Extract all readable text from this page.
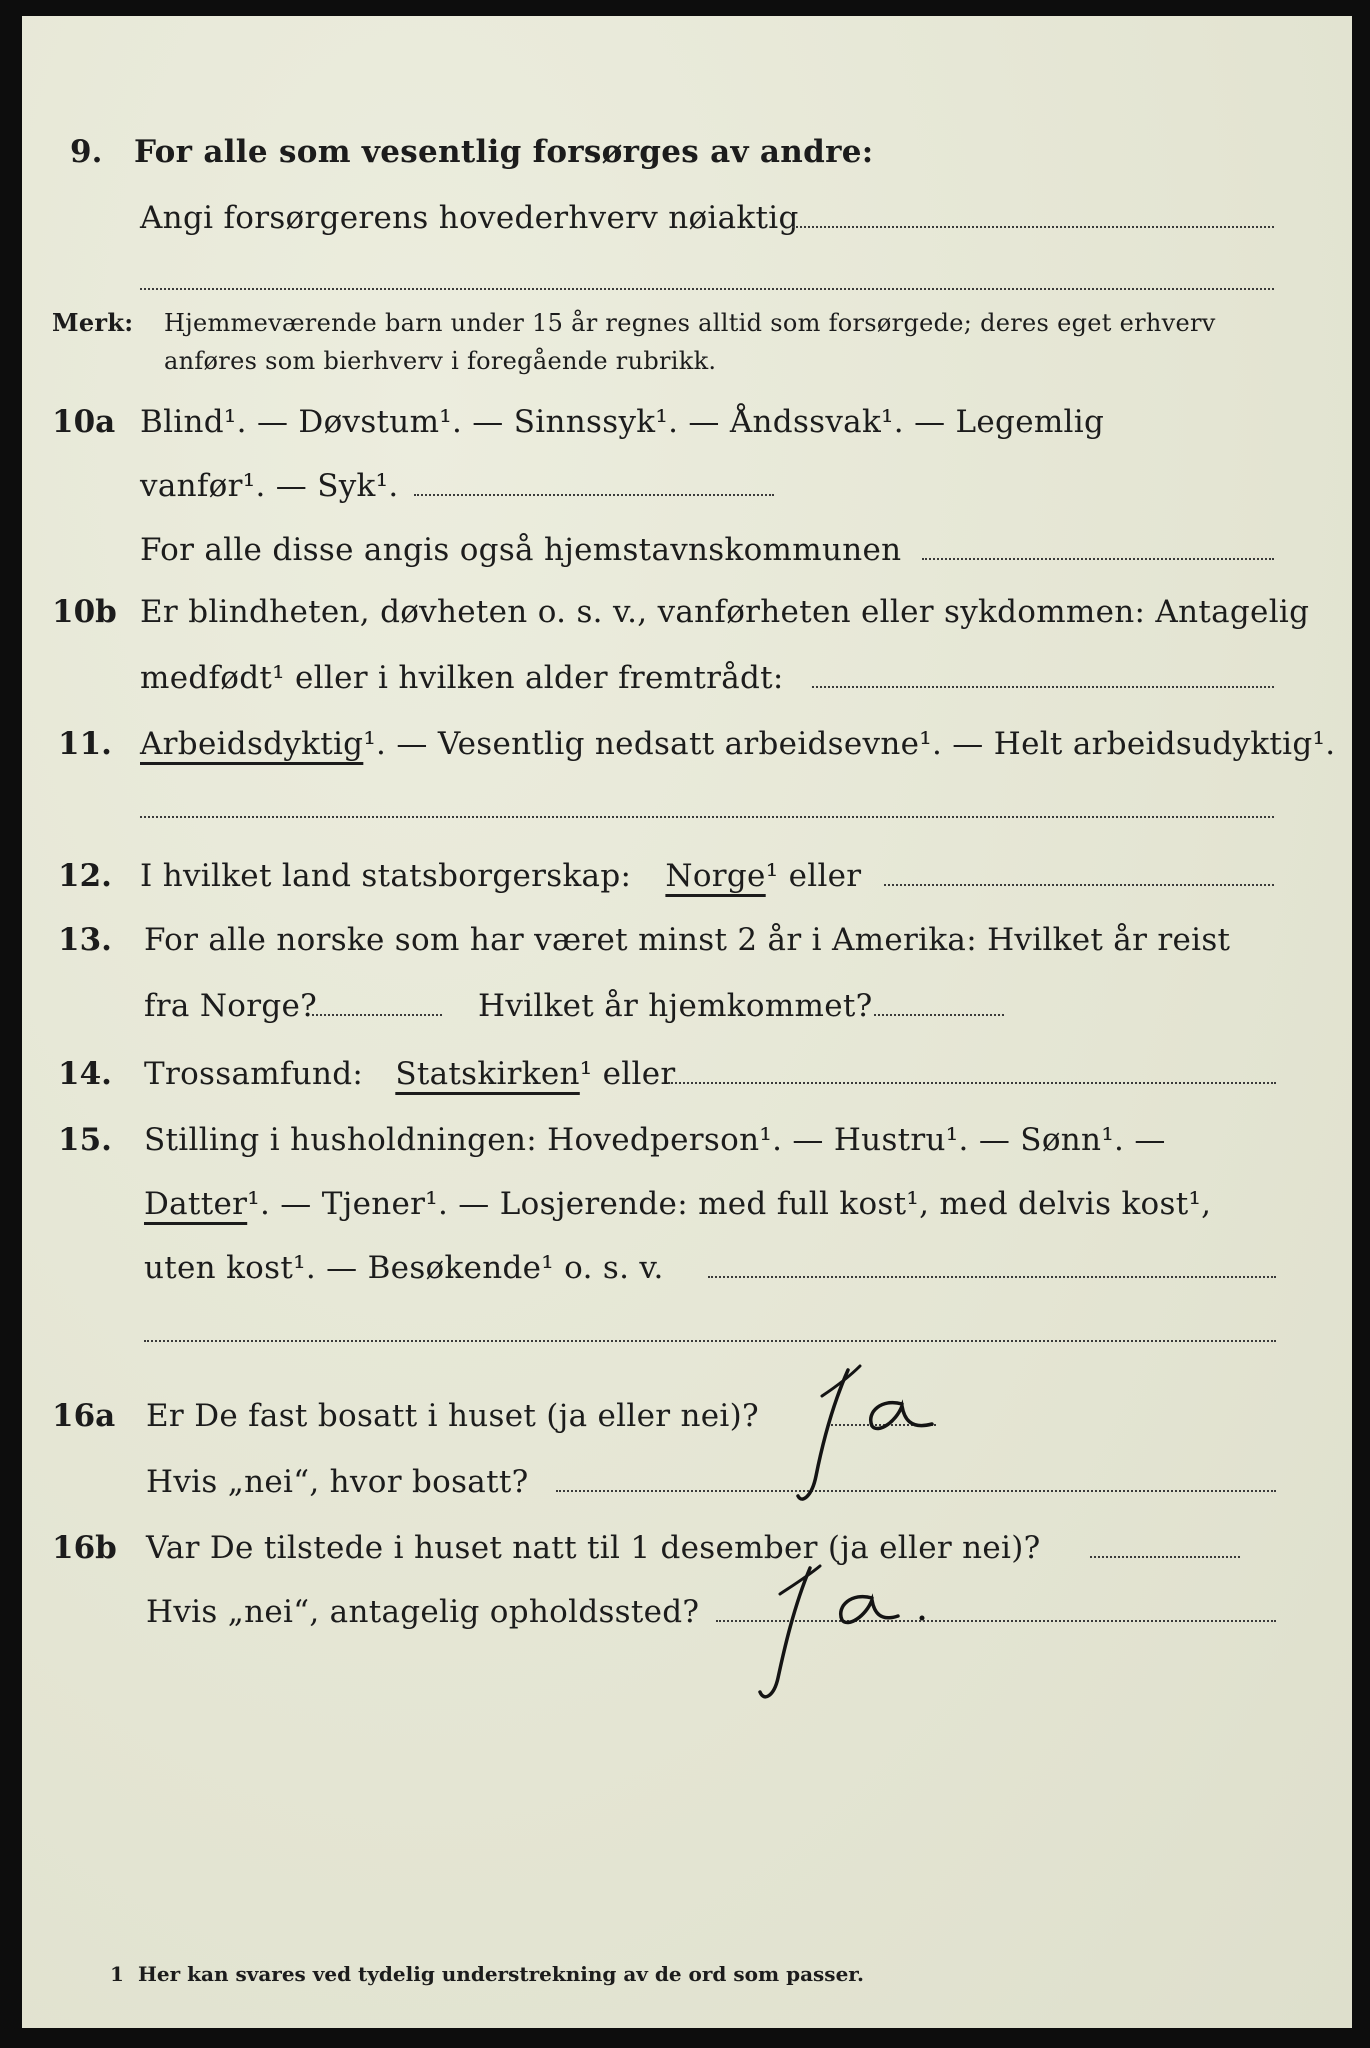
9. For alle som vesentlig forsørges av andre:
Angi forsørgerens hovederhverv nøiaktig
Merk: Hjemmeværende barn under 15 år regnes alltid som forsørgede; deres eget erhverv
anføres som bierhverv i foregående rubrikk.
10a Blind¹. — Døvstum¹. — Sinnssyk¹. — Åndssvak¹. — Legemlig
vanfør¹. — Syk¹.
For alle disse angis også hjemstavnskommunen
10b Er blindheten, døvheten o. s. v., vanførheten eller sykdommen: Antagelig
medfødt¹ eller i hvilken alder fremtrådt:
11. Arbeidsdyktig¹. — Vesentlig nedsatt arbeidsevne¹. — Helt arbeidsudyktig¹.
12. I hvilket land statsborgerskap: Norge¹ eller
13. For alle norske som har været minst 2 år i Amerika: Hvilket år reist
fra Norge?	Hvilket år hjemkommet?
14. Trossamfund: Statskirken¹ eller
15. Stilling i husholdningen: Hovedperson¹. — Hustru¹. — Sønn¹. —
Datter¹. — Tjener¹. — Losjerende: med full kost¹, med delvis kost¹,
uten kost¹. — Besøkende¹ o. s. v.
16a Er De fast bosatt i huset (ja eller nei)?
Hvis „nei“, hvor bosatt?
Ja
16b Var De tilstede i huset natt til 1 desember (ja eller nei)?
Hvis „nei“, antagelig opholdssted?
Ja.
1 Her kan svares ved tydelig understrekning av de ord som passer.
